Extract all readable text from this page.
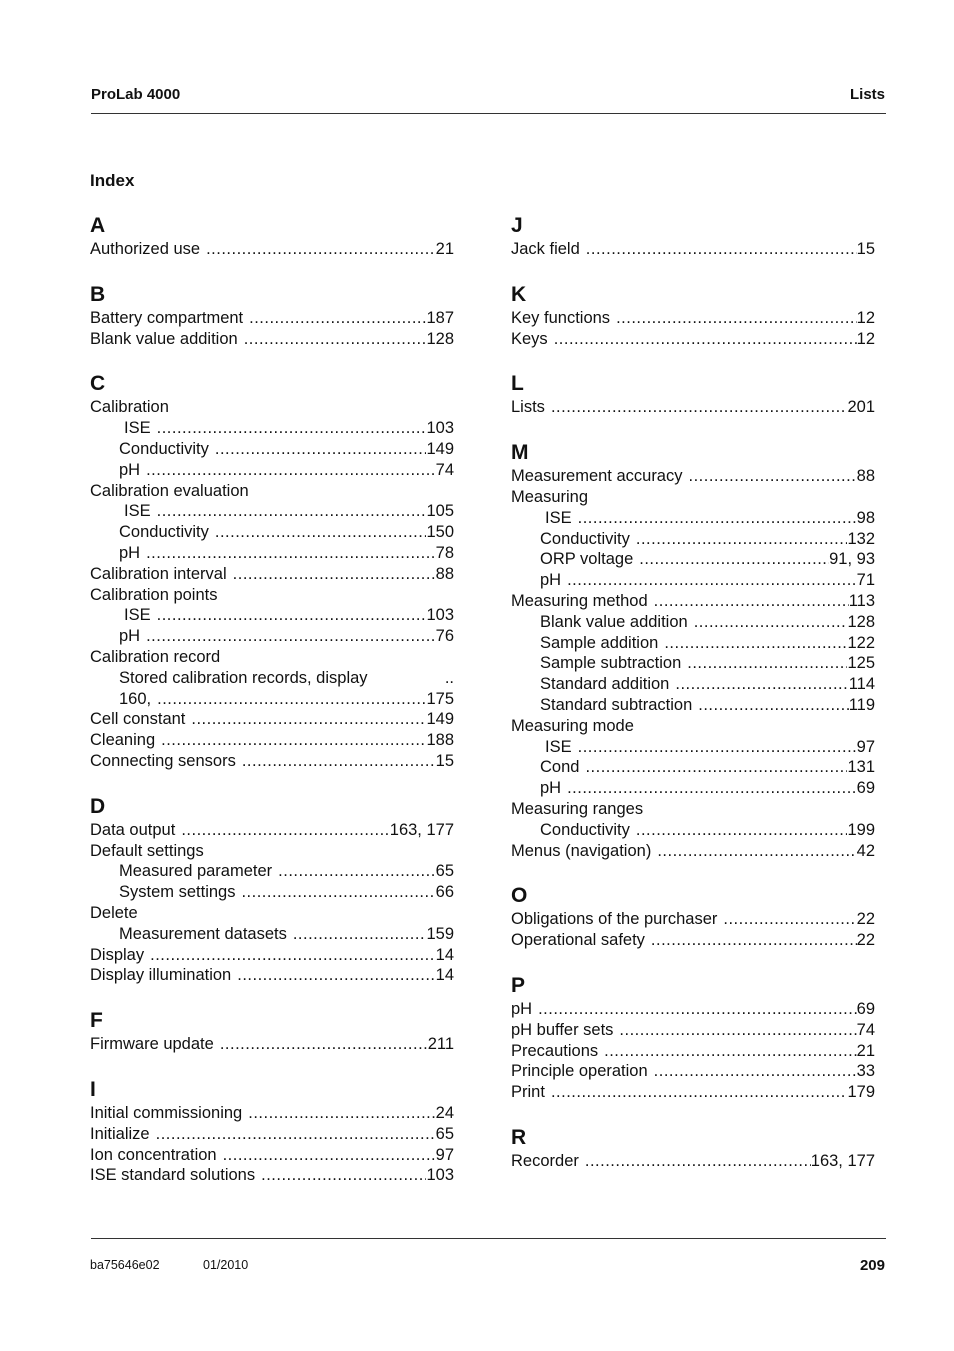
ProLab 4000	Lists
Index
A
Authorized use .....	21
B
Battery compartment .....	187
Blank value addition .....	128
C
Calibration
ISE .....	103
Conductivity .....	149
pH .....	74
Calibration evaluation
ISE .....	105
Conductivity .....	150
pH .....	78
Calibration interval .....	88
Calibration points
ISE .....	103
pH .....	76
Calibration record
Stored calibration records, display	..
160, .....	175
Cell constant .....	149
Cleaning .....	188
Connecting sensors .....	15
D
Data output .....	163, 177
Default settings
Measured parameter .....	65
System settings .....	66
Delete
Measurement datasets .....	159
Display .....	14
Display illumination .....	14
F
Firmware update .....	211
I
Initial commissioning .....	24
Initialize .....	65
Ion concentration .....	97
ISE standard solutions .....	103
J
Jack field .....	15
K
Key functions .....	12
Keys .....	12
L
Lists .....	201
M
Measurement accuracy .....	88
Measuring
ISE .....	98
Conductivity .....	132
ORP voltage .....	91, 93
pH .....	71
Measuring method .....	113
Blank value addition .....	128
Sample addition .....	122
Sample subtraction .....	125
Standard addition .....	114
Standard subtraction .....	119
Measuring mode
ISE .....	97
Cond .....	131
pH .....	69
Measuring ranges
Conductivity .....	199
Menus (navigation) .....	42
O
Obligations of the purchaser .....	22
Operational safety .....	22
P
pH .....	69
pH buffer sets .....	74
Precautions .....	21
Principle operation .....	33
Print .....	179
R
Recorder .....	163, 177
ba75646e02	01/2010	209
